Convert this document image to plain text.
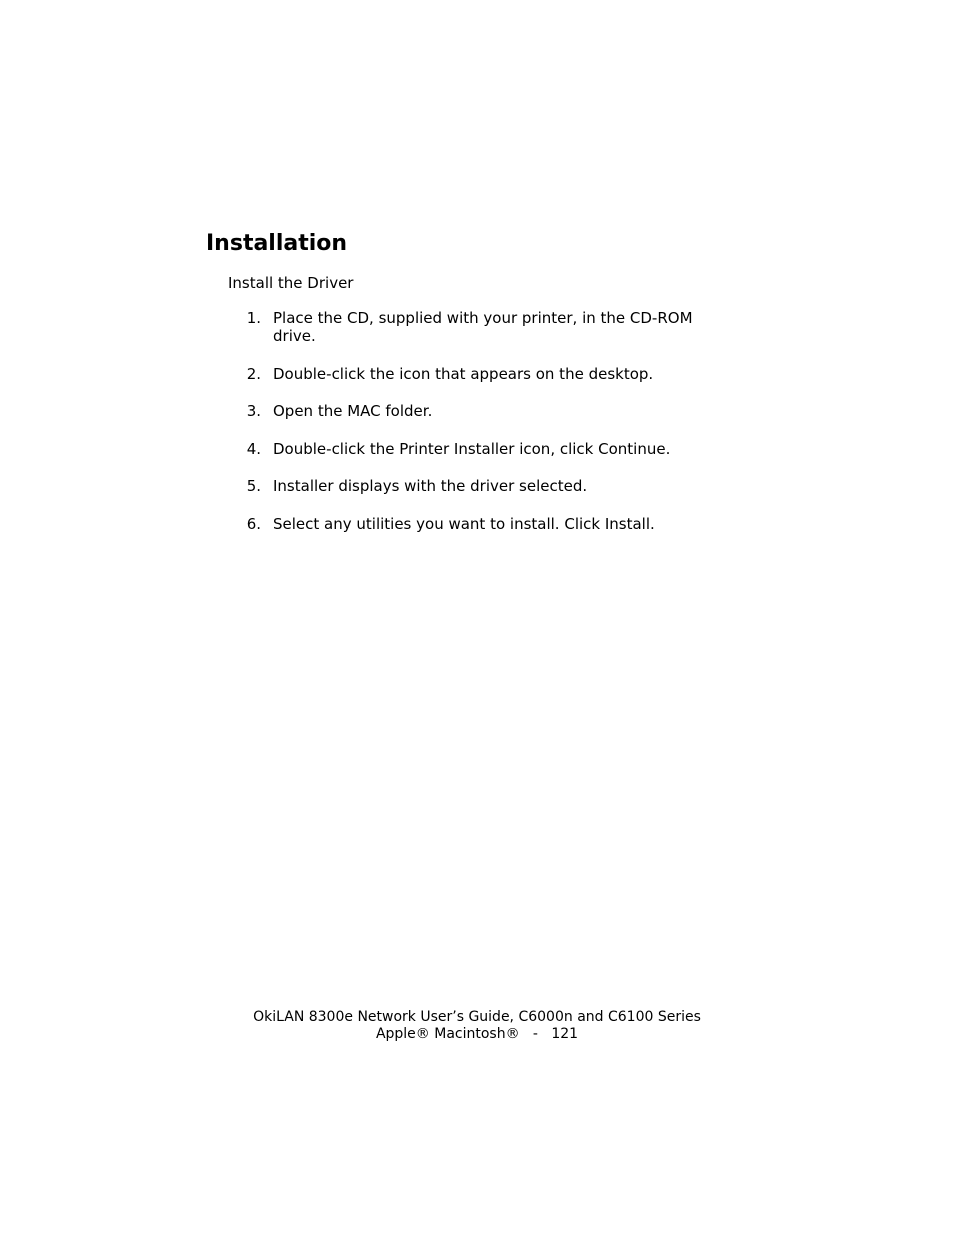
Installation

Install the Driver

1. Place the CD, supplied with your printer, in the CD-ROM drive.
2. Double-click the icon that appears on the desktop.
3. Open the MAC folder.
4. Double-click the Printer Installer icon, click Continue.
5. Installer displays with the driver selected.
6. Select any utilities you want to install. Click Install.
OkiLAN 8300e Network User’s Guide, C6000n and C6100 Series
Apple® Macintosh®   -   121
